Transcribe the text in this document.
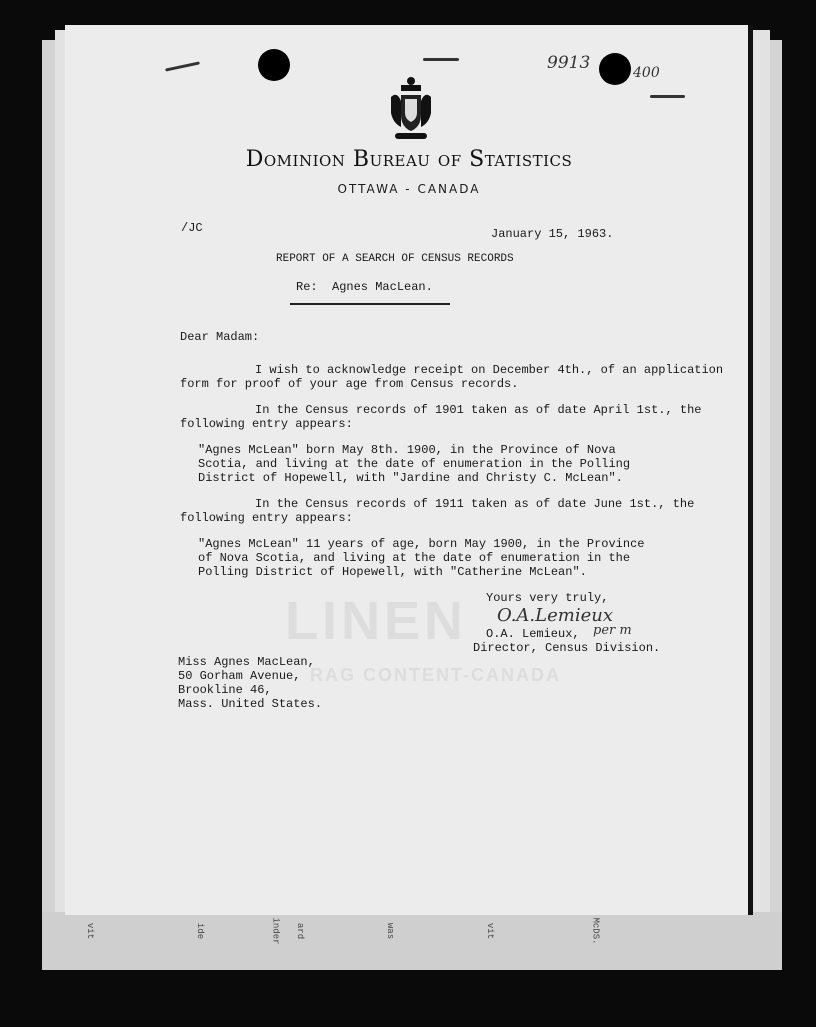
vit	ide	inder ard	was	vit	McDS.
9913	400
Dominion Bureau of Statistics
OTTAWA - CANADA
LINEN
RAG CONTENT-CANADA
/JC	January 15, 1963.
REPORT OF A SEARCH OF CENSUS RECORDS
Re:  Agnes MacLean.
Dear Madam:
I wish to acknowledge receipt on December 4th., of an application
form for proof of your age from Census records.
In the Census records of 1901 taken as of date April 1st., the
following entry appears:
"Agnes McLean" born May 8th. 1900, in the Province of Nova
Scotia, and living at the date of enumeration in the Polling
District of Hopewell, with "Jardine and Christy C. McLean".
In the Census records of 1911 taken as of date June 1st., the
following entry appears:
"Agnes McLean" 11 years of age, born May 1900, in the Province
of Nova Scotia, and living at the date of enumeration in the
Polling District of Hopewell, with "Catherine McLean".
Yours very truly,
O.A.Lemieux
O.A. Lemieux, per m
Director, Census Division.
Miss Agnes MacLean,
50 Gorham Avenue,
Brookline 46,
Mass. United States.
